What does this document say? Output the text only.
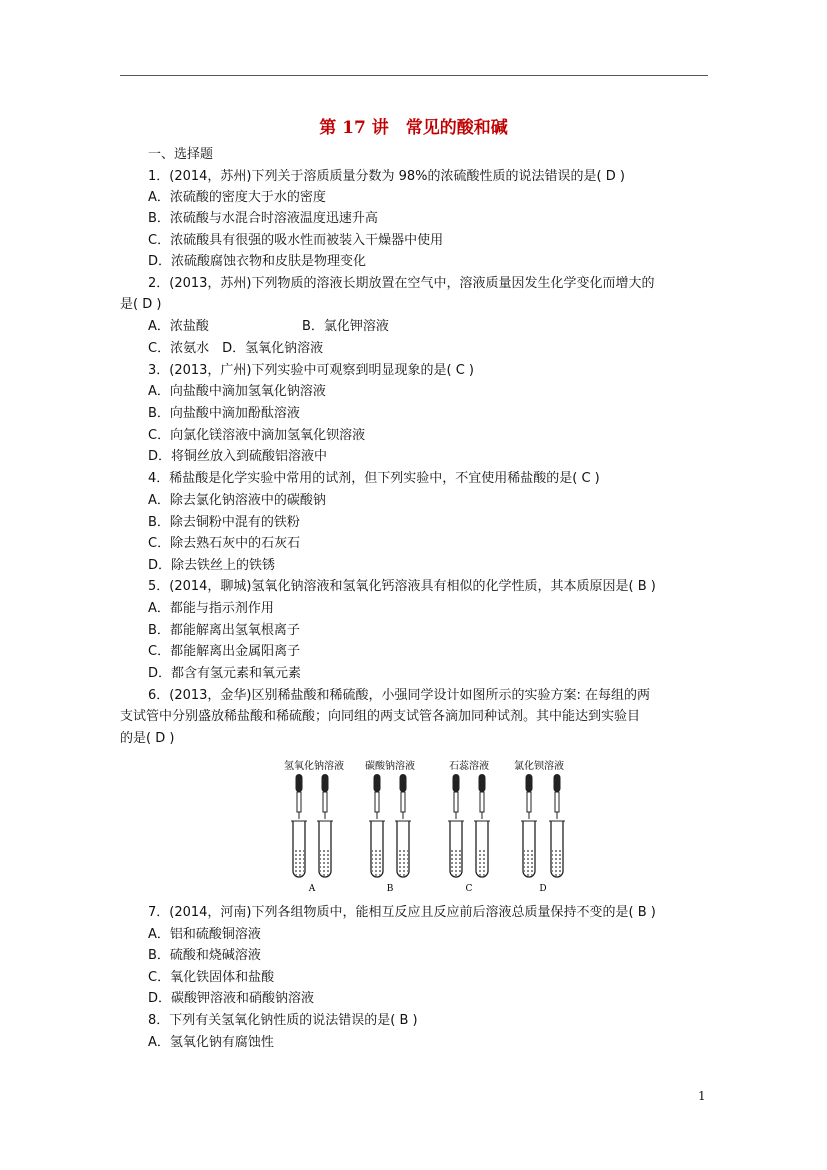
第 17 讲　常见的酸和碱
一、选择题
1．(2014，苏州)下列关于溶质质量分数为 98%的浓硫酸性质的说法错误的是( D )
A．浓硫酸的密度大于水的密度
B．浓硫酸与水混合时溶液温度迅速升高
C．浓硫酸具有很强的吸水性而被装入干燥器中使用
D．浓硫酸腐蚀衣物和皮肤是物理变化
2．(2013，苏州)下列物质的溶液长期放置在空气中，溶液质量因发生化学变化而增大的
是( D )
A．浓盐酸	B．氯化钾溶液
C．浓氨水　D．氢氧化钠溶液
3．(2013，广州)下列实验中可观察到明显现象的是( C )
A．向盐酸中滴加氢氧化钠溶液
B．向盐酸中滴加酚酞溶液
C．向氯化镁溶液中滴加氢氧化钡溶液
D．将铜丝放入到硫酸铝溶液中
4．稀盐酸是化学实验中常用的试剂，但下列实验中，不宜使用稀盐酸的是( C )
A．除去氯化钠溶液中的碳酸钠
B．除去铜粉中混有的铁粉
C．除去熟石灰中的石灰石
D．除去铁丝上的铁锈
5．(2014，聊城)氢氧化钠溶液和氢氧化钙溶液具有相似的化学性质，其本质原因是( B )
A．都能与指示剂作用
B．都能解离出氢氧根离子
C．都能解离出金属阳离子
D．都含有氢元素和氧元素
6．(2013，金华)区别稀盐酸和稀硫酸，小强同学设计如图所示的实验方案: 在每组的两
支试管中分别盛放稀盐酸和稀硫酸；向同组的两支试管各滴加同种试剂。其中能达到实验目
的是( D )
氢氧化钠溶液 碳酸钠溶液	石蕊溶液	氯化钡溶液
A	B	C	D
7．(2014，河南)下列各组物质中，能相互反应且反应前后溶液总质量保持不变的是( B )
A．铝和硫酸铜溶液
B．硫酸和烧碱溶液
C．氧化铁固体和盐酸
D．碳酸钾溶液和硝酸钠溶液
8．下列有关氢氧化钠性质的说法错误的是( B )
A．氢氧化钠有腐蚀性
1
